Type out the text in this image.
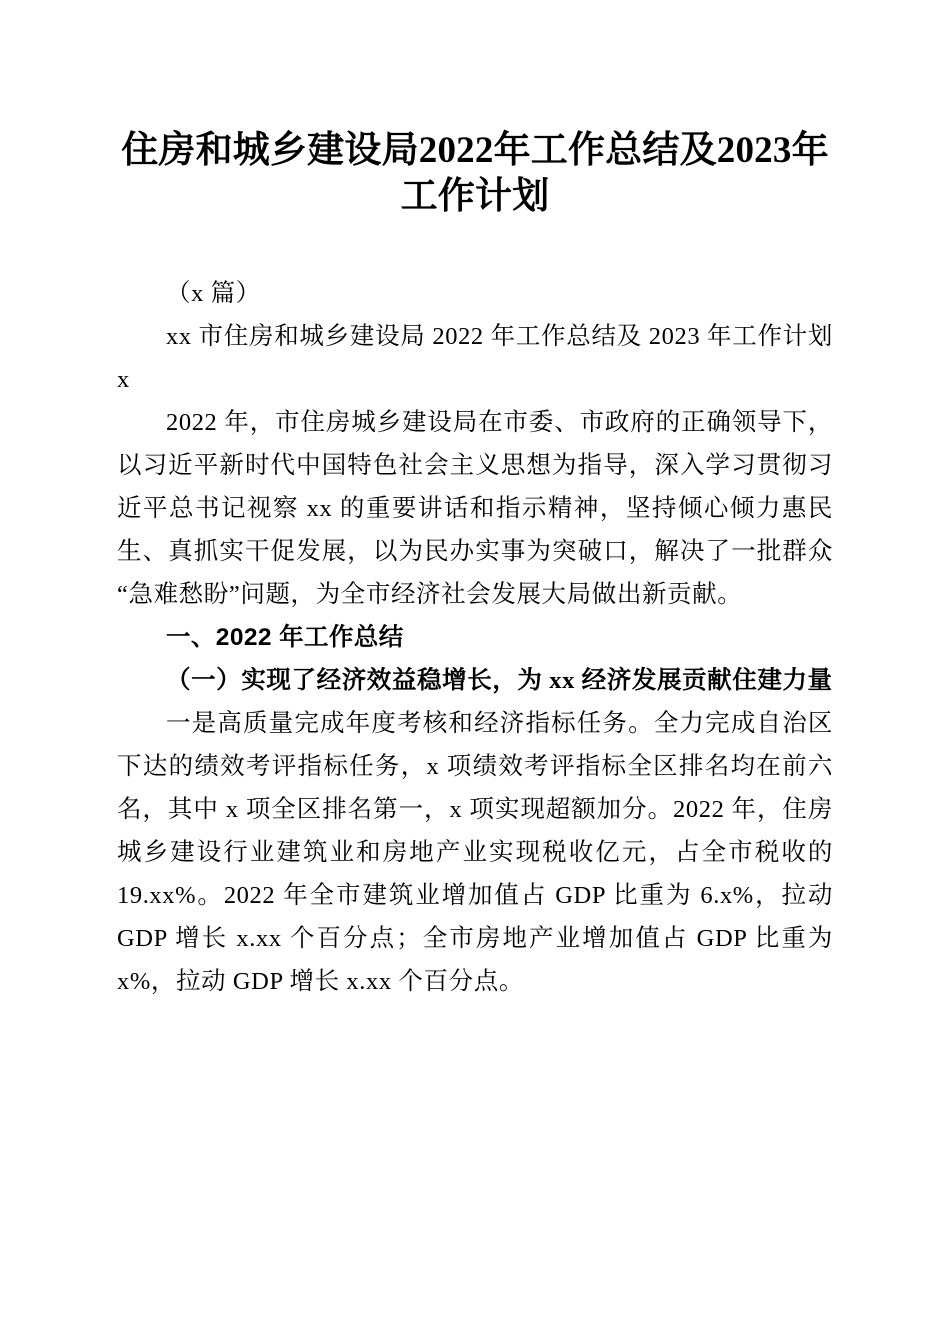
住房和城乡建设局2022年工作总结及2023年工作计划

（x 篇）

xx 市住房和城乡建设局 2022 年工作总结及 2023 年工作计划 x

2022 年，市住房城乡建设局在市委、市政府的正确领导下，以习近平新时代中国特色社会主义思想为指导，深入学习贯彻习近平总书记视察 xx 的重要讲话和指示精神，坚持倾心倾力惠民生、真抓实干促发展，以为民办实事为突破口，解决了一批群众“急难愁盼”问题，为全市经济社会发展大局做出新贡献。

一、2022 年工作总结

（一）实现了经济效益稳增长，为 xx 经济发展贡献住建力量

一是高质量完成年度考核和经济指标任务。全力完成自治区下达的绩效考评指标任务，x 项绩效考评指标全区排名均在前六名，其中 x 项全区排名第一，x 项实现超额加分。2022 年，住房城乡建设行业建筑业和房地产业实现税收亿元，占全市税收的 19.xx%。2022 年全市建筑业增加值占 GDP 比重为 6.x%，拉动 GDP 增长 x.xx 个百分点；全市房地产业增加值占 GDP 比重为 x%，拉动 GDP 增长 x.xx 个百分点。
